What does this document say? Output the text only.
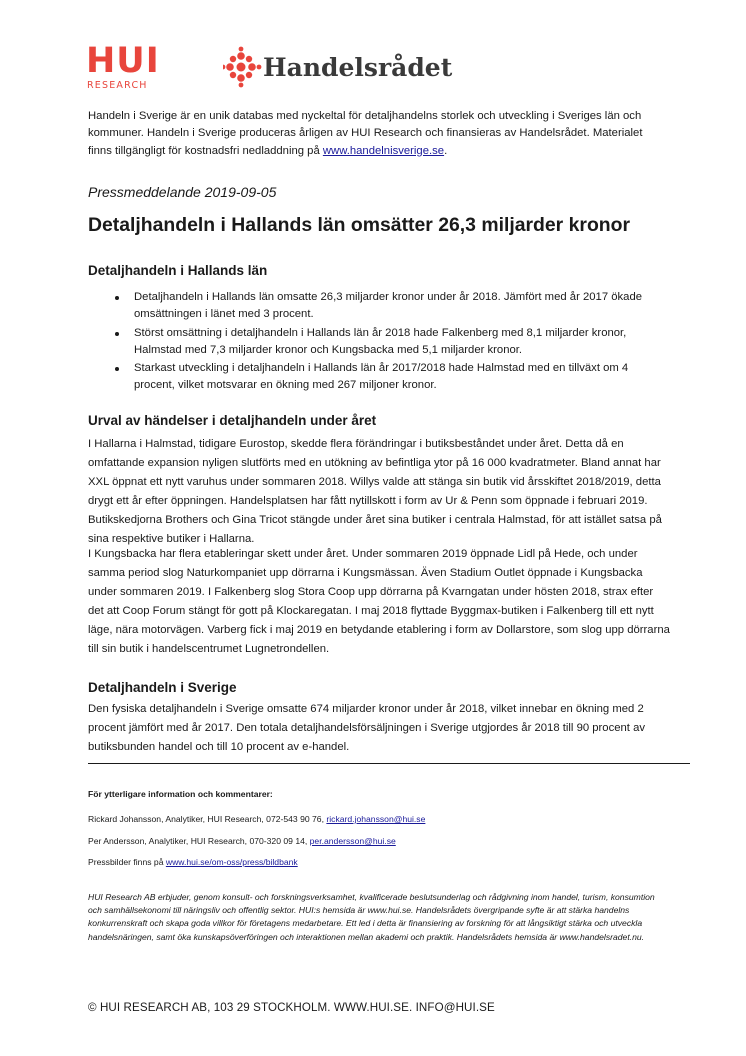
HUI
RESEARCH
Handelsrådet

Handeln i Sverige är en unik databas med nyckeltal för detaljhandelns storlek och utveckling i Sveriges län och kommuner. Handeln i Sverige produceras årligen av HUI Research och finansieras av Handelsrådet. Materialet finns tillgängligt för kostnadsfri nedladdning på www.handelnisverige.se.

Pressmeddelande 2019-09-05
Detaljhandeln i Hallands län omsätter 26,3 miljarder kronor
Detaljhandeln i Hallands län
Detaljhandeln i Hallands län omsatte 26,3 miljarder kronor under år 2018. Jämfört med år 2017 ökade omsättningen i länet med 3 procent.
Störst omsättning i detaljhandeln i Hallands län år 2018 hade Falkenberg med 8,1 miljarder kronor, Halmstad med 7,3 miljarder kronor och Kungsbacka med 5,1 miljarder kronor.
Starkast utveckling i detaljhandeln i Hallands län år 2017/2018 hade Halmstad med en tillväxt om 4 procent, vilket motsvarar en ökning med 267 miljoner kronor.
Urval av händelser i detaljhandeln under året

I Hallarna i Halmstad, tidigare Eurostop, skedde flera förändringar i butiksbeståndet under året. Detta då en omfattande expansion nyligen slutförts med en utökning av befintliga ytor på 16 000 kvadratmeter. Bland annat har XXL öppnat ett nytt varuhus under sommaren 2018. Willys valde att stänga sin butik vid årsskiftet 2018/2019, detta drygt ett år efter öppningen. Handelsplatsen har fått nytillskott i form av Ur & Penn som öppnade i februari 2019. Butikskedjorna Brothers och Gina Tricot stängde under året sina butiker i centrala Halmstad, för att istället satsa på sina respektive butiker i Hallarna.

I Kungsbacka har flera etableringar skett under året. Under sommaren 2019 öppnade Lidl på Hede, och under samma period slog Naturkompaniet upp dörrarna i Kungsmässan. Även Stadium Outlet öppnade i Kungsbacka under sommaren 2019. I Falkenberg slog Stora Coop upp dörrarna på Kvarngatan under hösten 2018, strax efter det att Coop Forum stängt för gott på Klockaregatan. I maj 2018 flyttade Byggmax-butiken i Falkenberg till ett nytt läge, nära motorvägen. Varberg fick i maj 2019 en betydande etablering i form av Dollarstore, som slog upp dörrarna till sin butik i handelscentrumet Lugnetrondellen.

Detaljhandeln i Sverige

Den fysiska detaljhandeln i Sverige omsatte 674 miljarder kronor under år 2018, vilket innebar en ökning med 2 procent jämfört med år 2017. Den totala detaljhandelsförsäljningen i Sverige utgjordes år 2018 till 90 procent av butiksbunden handel och till 10 procent av e-handel.

För ytterligare information och kommentarer:
Rickard Johansson, Analytiker, HUI Research, 072-543 90 76, rickard.johansson@hui.se
Per Andersson, Analytiker, HUI Research, 070-320 09 14, per.andersson@hui.se
Pressbilder finns på www.hui.se/om-oss/press/bildbank

HUI Research AB erbjuder, genom konsult- och forskningsverksamhet, kvalificerade beslutsunderlag och rådgivning inom handel, turism, konsumtion och samhällsekonomi till näringsliv och offentlig sektor. HUI:s hemsida är www.hui.se. Handelsrådets övergripande syfte är att stärka handelns konkurrenskraft och skapa goda villkor för företagens medarbetare. Ett led i detta är finansiering av forskning för att långsiktigt stärka och utveckla handelsnäringen, samt öka kunskapsöverföringen och interaktionen mellan akademi och praktik. Handelsrådets hemsida är www.handelsradet.nu.

© HUI RESEARCH AB, 103 29 STOCKHOLM. WWW.HUI.SE. INFO@HUI.SE
